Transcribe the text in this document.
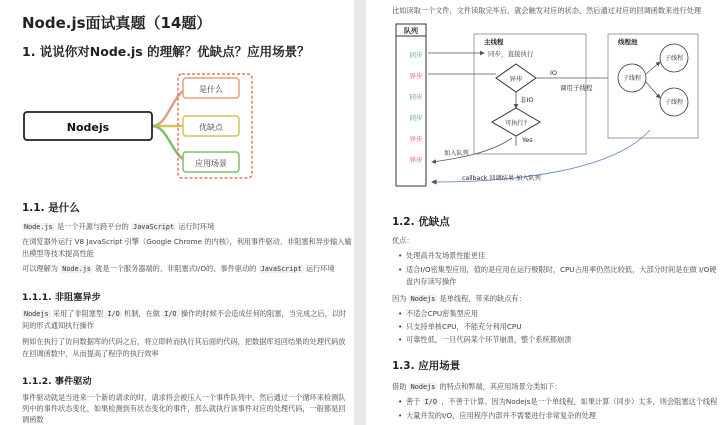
Node.js面试真题（14题）
1. 说说你对Node.js 的理解？优缺点？应用场景？
Nodejs
是什么
优缺点
应用场景
1.1. 是什么
Node.js 是一个开源与跨平台的 JavaScript 运行时环境
在浏览器外运行 V8 JavaScript 引擎（Google Chrome 的内核），利用事件驱动、非阻塞和异步输入输
出模型等技术提高性能
可以理解为 Node.js 就是一个服务器端的、非阻塞式I/O的、事件驱动的 JavaScript 运行环境
1.1.1. 非阻塞异步
Nodejs 采用了非阻塞型 I/O 机制，在做 I/O 操作的时候不会造成任何的阻塞，当完成之后，以时
间的形式通知执行操作
例如在执行了访问数据库的代码之后，将立即转而执行其后面的代码，把数据库返回结果的处理代码放
在回调函数中，从而提高了程序的执行效率
1.1.2. 事件驱动
事件驱动就是当进来一个新的请求的时，请求将会被压入一个事件队列中，然后通过一个循环来检测队
列中的事件状态变化，如果检测到有状态变化的事件，那么就执行该事件对应的处理代码，一般都是回
调函数
比如读取一个文件，文件读取完毕后，就会触发对应的状态，然后通过对应的回调函数来进行处理
队列
同步
异步
同步
同步
异步
异步
主线程
同步，直接执行
异步
IO
调用子线程
非IO
可执行?
Yes
加入队列
线程池
子线程
子线程
子线程
callback 回调结果 加入队列
1.2. 优缺点
优点：
• 处理高并发场景性能更佳
• 适合I/O密集型应用，值的是应用在运行极限时，CPU占用率仍然比较低，大部分时间是在做 I/O硬
盘内存读写操作
因为 Nodejs 是单线程，带来的缺点有：
• 不适合CPU密集型应用
• 只支持单核CPU，不能充分利用CPU
• 可靠性低，一旦代码某个环节崩溃，整个系统都崩溃
1.3. 应用场景
借助 Nodejs 的特点和弊端，其应用场景分类如下：
• 善于 I/O ，不善于计算。因为Nodejs是一个单线程，如果计算（同步）太多，则会阻塞这个线程
• 大量并发的I/O，应用程序内部并不需要进行非常复杂的处理
